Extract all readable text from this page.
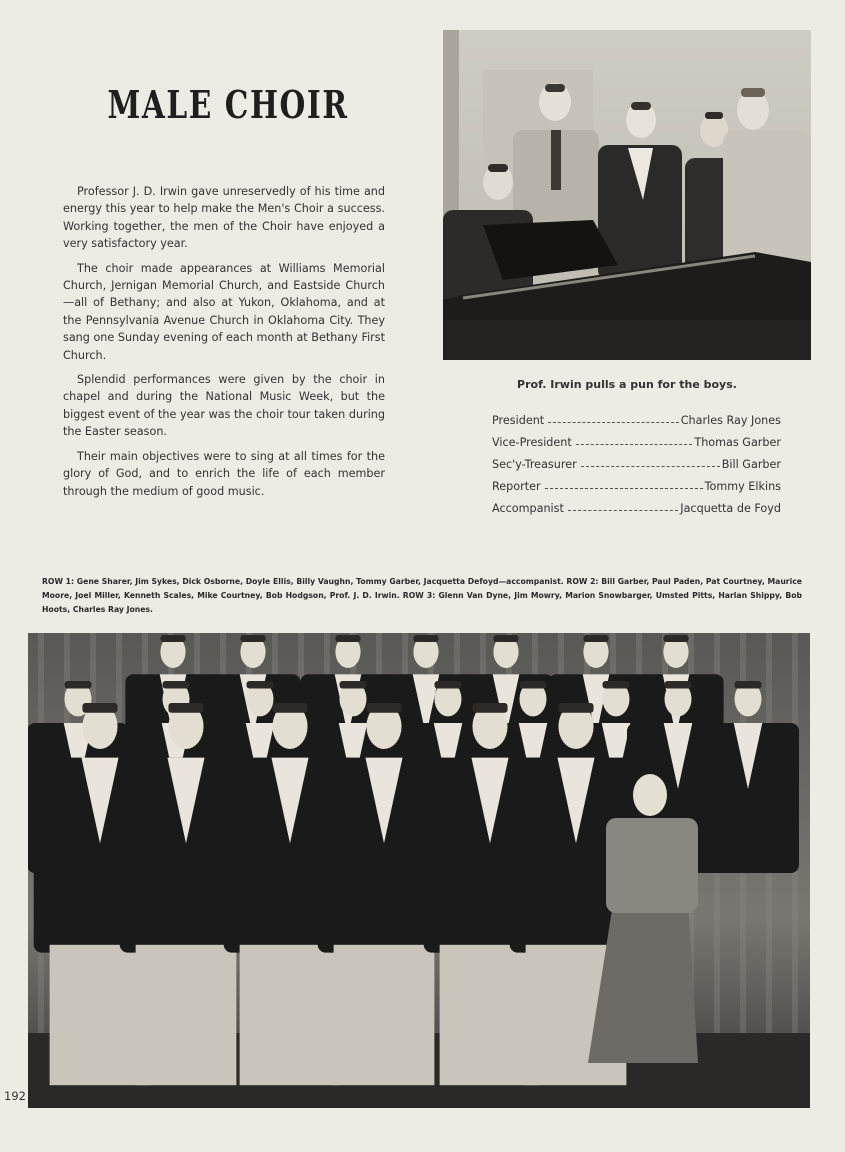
MALE CHOIR

Professor J. D. Irwin gave unreservedly of his time and energy this year to help make the Men's Choir a success. Working together, the men of the Choir have enjoyed a very satisfactory year.

The choir made appearances at Williams Memorial Church, Jernigan Memorial Church, and Eastside Church—all of Bethany; and also at Yukon, Oklahoma, and at the Pennsylvania Avenue Church in Oklahoma City. They sang one Sunday evening of each month at Bethany First Church.

Splendid performances were given by the choir in chapel and during the National Music Week, but the biggest event of the year was the choir tour taken during the Easter season.

Their main objectives were to sing at all times for the glory of God, and to enrich the life of each member through the medium of good music.

Prof. Irwin pulls a pun for the boys.
President	Charles Ray Jones
Vice-President	Thomas Garber
Sec'y-Treasurer	Bill Garber
Reporter	Tommy Elkins
Accompanist	Jacquetta de Foyd
ROW 1: Gene Sharer, Jim Sykes, Dick Osborne, Doyle Ellis, Billy Vaughn, Tommy Garber, Jacquetta Defoyd—accompanist. ROW 2: Bill Garber, Paul Paden, Pat Courtney, Maurice Moore, Joel Miller, Kenneth Scales, Mike Courtney, Bob Hodgson, Prof. J. D. Irwin. ROW 3: Glenn Van Dyne, Jim Mowry, Marion Snowbarger, Umsted Pitts, Harlan Shippy, Bob Hoots, Charles Ray Jones.
192
